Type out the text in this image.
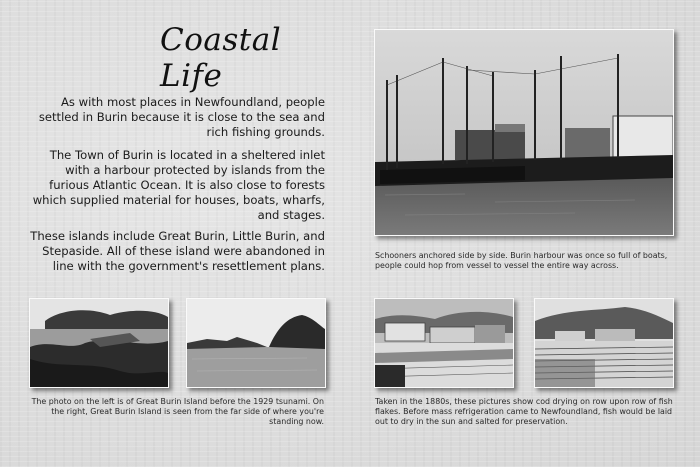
Coastal Life

As with most places in Newfoundland, people settled in Burin because it is close to the sea and rich fishing grounds.

The Town of Burin is located in a sheltered inlet with a harbour protected by islands from the furious Atlantic Ocean. It is also close to forests which supplied material for houses, boats, wharfs, and stages.

These islands include Great Burin, Little Burin, and Stepaside. All of these island were abandoned in line with the government's resettlement plans.

Schooners anchored side by side. Burin harbour was once so full of boats, people could hop from vessel to vessel the entire way across.

The photo on the left is of Great Burin Island before the 1929 tsunami. On the right, Great Burin Island is seen from the far side of where you're standing now.

Taken in the 1880s, these pictures show cod drying on row upon row of fish flakes. Before mass refrigeration came to Newfoundland, fish would be laid out to dry in the sun and salted for preservation.
